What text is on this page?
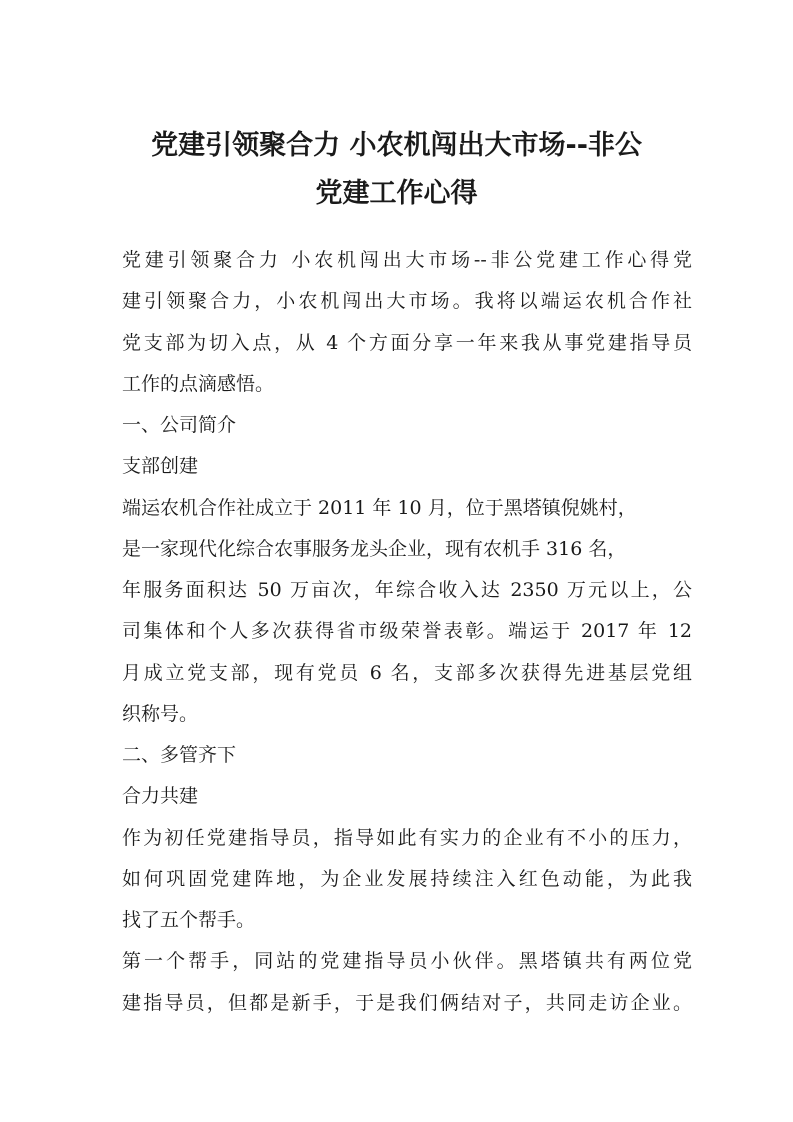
党建引领聚合力 小农机闯出大市场--非公
党建工作心得
党建引领聚合力 小农机闯出大市场--非公党建工作心得党
建引领聚合力，小农机闯出大市场。我将以端运农机合作社
党支部为切入点，从 4 个方面分享一年来我从事党建指导员
工作的点滴感悟。
一、公司简介
支部创建
端运农机合作社成立于 2011 年 10 月，位于黑塔镇倪姚村，
是一家现代化综合农事服务龙头企业，现有农机手 316 名，
年服务面积达 50 万亩次，年综合收入达 2350 万元以上，公
司集体和个人多次获得省市级荣誉表彰。端运于 2017 年 12
月成立党支部，现有党员 6 名，支部多次获得先进基层党组
织称号。
二、多管齐下
合力共建
作为初任党建指导员，指导如此有实力的企业有不小的压力，
如何巩固党建阵地，为企业发展持续注入红色动能，为此我
找了五个帮手。
第一个帮手，同站的党建指导员小伙伴。黑塔镇共有两位党
建指导员，但都是新手，于是我们俩结对子，共同走访企业。
